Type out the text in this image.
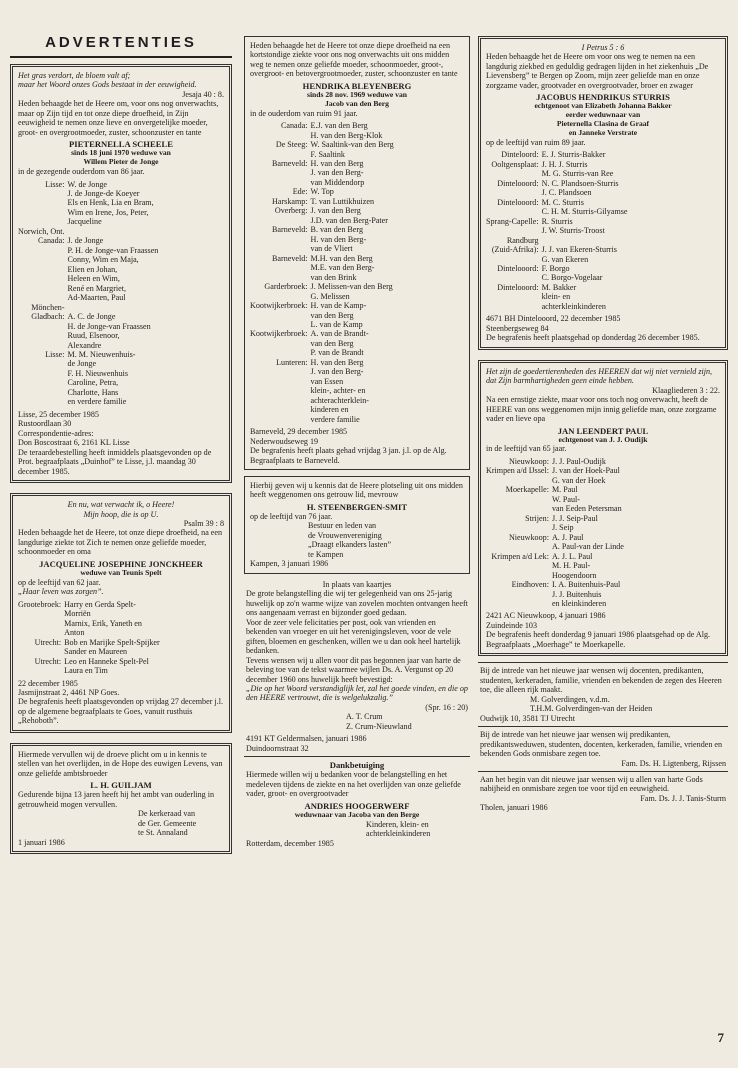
ADVERTENTIES

Het gras verdort, de bloem valt af;

maar het Woord onzes Gods bestaat in der eeuwigheid.

Jesaja 40 : 8.

Heden behaagde het de Heere om, voor ons nog onverwachts, maar op Zijn tijd en tot onze diepe droefheid, in Zijn eeuwigheid te nemen onze lieve en onvergetelijke moeder, groot- en overgrootmoeder, zuster, schoonzuster en tante

PIETERNELLA SCHEELE
sinds 18 juni 1970 weduwe van
Willem Pieter de Jonge

in de gezegende ouderdom van 86 jaar.

Lisse: W. de Jonge
J. de Jonge-de Koeyer
Els en Henk, Lia en Bram,
Wim en Irene, Jos, Peter,
Jacqueline
Norwich, Ont.
Canada: J. de Jonge
P. H. de Jonge-van Fraassen
Conny, Wim en Maja,
Elien en Johan,
Heleen en Wim,
René en Margriet,
Ad-Maarten, Paul
Mönchen-
Gladbach: A. C. de Jonge
H. de Jonge-van Fraassen
Ruud, Elsenoor,
Alexandre
Lisse: M. M. Nieuwenhuis-
de Jonge
F. H. Nieuwenhuis
Caroline, Petra,
Charlotte, Hans
en verdere familie

Lisse, 25 december 1985

Rustoordlaan 30

Correspondentie-adres:

Don Boscostraat 6, 2161 KL Lisse

De teraardebestelling heeft inmiddels plaatsgevonden op de Prot. begraafplaats „Duinhof” te Lisse, j.l. maandag 30 december 1985.

En nu, wat verwacht ik, o Heere!

Mijn hoop, die is op U.

Psalm 39 : 8

Heden behaagde het de Heere, tot onze diepe droefheid, na een langdurige ziekte tot Zich te nemen onze geliefde moeder, schoonmoeder en oma

JACQUELINE JOSEPHINE JONCKHEER
weduwe van Teunis Spelt

op de leeftijd van 62 jaar.

„Haar leven was zorgen”.

Grootebroek: Harry en Gerda Spelt-
Morriën
Marnix, Erik, Yaneth en
Anton
Utrecht: Bob en Marijke Spelt-Spijker
Sander en Maureen
Utrecht: Leo en Hanneke Spelt-Pel
Laura en Tim

22 december 1985

Jasmijnstraat 2, 4461 NP Goes.

De begrafenis heeft plaatsgevonden op vrijdag 27 december j.l. op de algemene begraafplaats te Goes, vanuit rusthuis „Rehoboth”.

Hiermede vervullen wij de droeve plicht om u in kennis te stellen van het overlijden, in de Hope des euwigen Levens, van onze geliefde ambtsbroeder

L. H. GUILJAM

Gedurende bijna 13 jaren heeft hij het ambt van ouderling in getrouwheid mogen vervullen.

De kerkeraad van

de Ger. Gemeente

te St. Annaland

1 januari 1986

Heden behaagde het de Heere tot onze diepe droefheid na een kortstondige ziekte voor ons nog onverwachts uit ons midden weg te nemen onze geliefde moeder, schoonmoeder, groot-, overgroot- en betovergrootmoeder, zuster, schoonzuster en tante

HENDRIKA BLEYENBERG
sinds 28 nov. 1969 weduwe van
Jacob van den Berg

in de ouderdom van ruim 91 jaar.

Canada: E.J. van den Berg
H. van den Berg-Klok
De Steeg: W. Saaltink-van den Berg
F. Saaltink
Barneveld: H. van den Berg
J. van den Berg-
van Middendorp
Ede: W. Top
Harskamp: T. van Luttikhuizen
Overberg: J. van den Berg
J.D. van den Berg-Pater
Barneveld: B. van den Berg
H. van den Berg-
van de Vliert
Barneveld: M.H. van den Berg
M.E. van den Berg-
van den Brink
Garderbroek: J. Melissen-van den Berg
G. Melissen
Kootwijkerbroek: H. van de Kamp-
van den Berg
L. van de Kamp
Kootwijkerbroek: A. van de Brandt-
van den Berg
P. van de Brandt
Lunteren: H. van den Berg
J. van den Berg-
van Essen
klein-, achter- en
achterachterklein-
kinderen en
verdere familie

Barneveld, 29 december 1985

Nederwoudseweg 19

De begrafenis heeft plaats gehad vrijdag 3 jan. j.l. op de Alg. Begraafplaats te Barneveld.

Hierbij geven wij u kennis dat de Heere plotseling uit ons midden heeft weggenomen ons getrouw lid, mevrouw

H. STEENBERGEN-SMIT

op de leeftijd van 76 jaar.

Bestuur en leden van

de Vrouwenvereniging

„Draagt elkanders lasten”

te Kampen

Kampen, 3 januari 1986

In plaats van kaartjes

De grote belangstelling die wij ter gelegenheid van ons 25-jarig huwelijk op zo'n warme wijze van zovelen mochten ontvangen heeft ons aangenaam verrast en bijzonder goed gedaan.

Voor de zeer vele felicitaties per post, ook van vrienden en bekenden van vroeger en uit het verenigingsleven, voor de vele giften, bloemen en geschenken, willen we u dan ook heel hartelijk bedanken.

Tevens wensen wij u allen voor dit pas begonnen jaar van harte de beleving toe van de tekst waarmee wijlen Ds. A. Vergunst op 20 december 1960 ons huwelijk heeft bevestigd:

„Die op het Woord verstandiglijk let, zal het goede vinden, en die op den HEERE vertrouwt, die is welgelukzalig.”

(Spr. 16 : 20)

A. T. Crum

Z. Crum-Nieuwland

4191 KT Geldermalsen, januari 1986

Duindoornstraat 32

Dankbetuiging

Hiermede willen wij u bedanken voor de belangstelling en het medeleven tijdens de ziekte en na het overlijden van onze geliefde vader, groot- en overgrootvader

ANDRIES HOOGERWERF
weduwnaar van Jacoba van den Berge

Kinderen, klein- en

achterkleinkinderen

Rotterdam, december 1985

I Petrus 5 : 6

Heden behaagde het de Heere om voor ons weg te nemen na een langdurig ziekbed en geduldig gedragen lijden in het ziekenhuis „De Lievensberg” te Bergen op Zoom, mijn zeer geliefde man en onze zorgzame vader, grootvader en overgrootvader, broer en zwager

JACOBUS HENDRIKUS STURRIS
echtgenoot van Elizabeth Johanna Bakker
eerder weduwnaar van
Pieternella Clasina de Graaf
en Janneke Verstrate

op de leeftijd van ruim 89 jaar.

Dinteloord: E. J. Sturris-Bakker
Ooltgensplaat: J. H. J. Sturris
M. G. Sturris-van Ree
Dintelooord: N. C. Plandsoen-Sturris
J. C. Plandsoen
Dintelooord: M. C. Sturris
C. H. M. Sturris-Gilyamse
Sprang-Capelle: R. Sturris
J. W. Sturris-Troost
Randburg
(Zuid-Afrika): J. J. van Ekeren-Sturris
G. van Ekeren
Dintelooord: F. Borgo
C. Borgo-Vogelaar
Dintelooord: M. Bakker
klein- en
achterkleinkinderen

4671 BH Dintelooord, 22 december 1985

Steenbergseweg 84

De begrafenis heeft plaatsgehad op donderdag 26 december 1985.

Het zijn de goedertierenheden des HEEREN dat wij niet vernield zijn, dat Zijn barmhartigheden geen einde hebben.

Klaagliederen 3 : 22.

Na een ernstige ziekte, maar voor ons toch nog onverwacht, heeft de HEERE van ons weggenomen mijn innig geliefde man, onze zorgzame vader en lieve opa

JAN LEENDERT PAUL
echtgenoot van J. J. Oudijk

in de leeftijd van 65 jaar.

Nieuwkoop: J. J. Paul-Oudijk
Krimpen a/d IJssel: J. van der Hoek-Paul
G. van der Hoek
Moerkapelle: M. Paul
W. Paul-
van Eeden Petersman
Strijen: J. J. Seip-Paul
J. Seip
Nieuwkoop: A. J. Paul
A. Paul-van der Linde
Krimpen a/d Lek: A. J. L. Paul
M. H. Paul-
Hoogendoorn
Eindhoven: I. A. Buitenhuis-Paul
J. J. Buitenhuis
en kleinkinderen

2421 AC Nieuwkoop, 4 januari 1986

Zuindeinde 103

De begrafenis heeft donderdag 9 januari 1986 plaatsgehad op de Alg. Begraafplaats „Moerhage” te Moerkapelle.

Bij de intrede van het nieuwe jaar wensen wij docenten, predikanten, studenten, kerkeraden, familie, vrienden en bekenden de zegen des Heeren toe, die alleen rijk maakt.

M. Golverdingen, v.d.m.

T.H.M. Golverdingen-van der Heiden

Oudwijk 10, 3581 TJ Utrecht

Bij de intrede van het nieuwe jaar wensen wij predikanten, predikantsweduwen, studenten, docenten, kerkeraden, familie, vrienden en bekenden Gods onmisbare zegen toe.

Fam. Ds. H. Ligtenberg, Rijssen

Aan het begin van dit nieuwe jaar wensen wij u allen van harte Gods nabijheid en onmisbare zegen toe voor tijd en eeuwigheid.

Fam. Ds. J. J. Tanis-Sturm

Tholen, januari 1986

7
